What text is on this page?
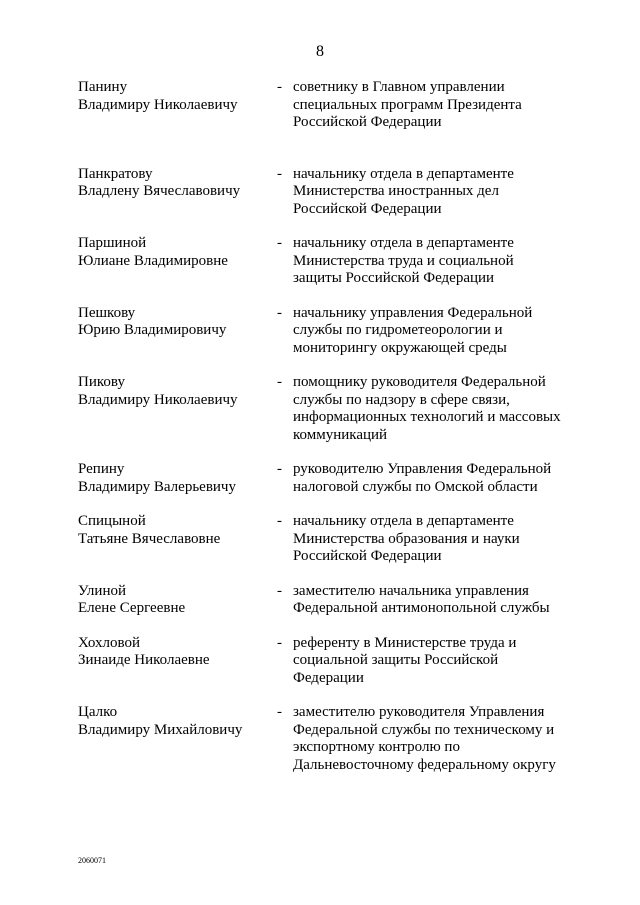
8
Панину
Владимиру Николаевичу
- советнику в Главном управлении
специальных программ Президента
Российской Федерации
Панкратову
Владлену Вячеславовичу
- начальнику отдела в департаменте
Министерства иностранных дел
Российской Федерации
Паршиной
Юлиане Владимировне
- начальнику отдела в департаменте
Министерства труда и социальной
защиты Российской Федерации
Пешкову
Юрию Владимировичу
- начальнику управления Федеральной
службы по гидрометеорологии и
мониторингу окружающей среды
Пикову
Владимиру Николаевичу
- помощнику руководителя Федеральной
службы по надзору в сфере связи,
информационных технологий и массовых
коммуникаций
Репину
Владимиру Валерьевичу
- руководителю Управления Федеральной
налоговой службы по Омской области
Спицыной
Татьяне Вячеславовне
- начальнику отдела в департаменте
Министерства образования и науки
Российской Федерации
Улиной
Елене Сергеевне
- заместителю начальника управления
Федеральной антимонопольной службы
Хохловой
Зинаиде Николаевне
- референту в Министерстве труда и
социальной защиты Российской
Федерации
Цалко
Владимиру Михайловичу
- заместителю руководителя Управления
Федеральной службы по техническому и
экспортному контролю по
Дальневосточному федеральному округу
2060071
